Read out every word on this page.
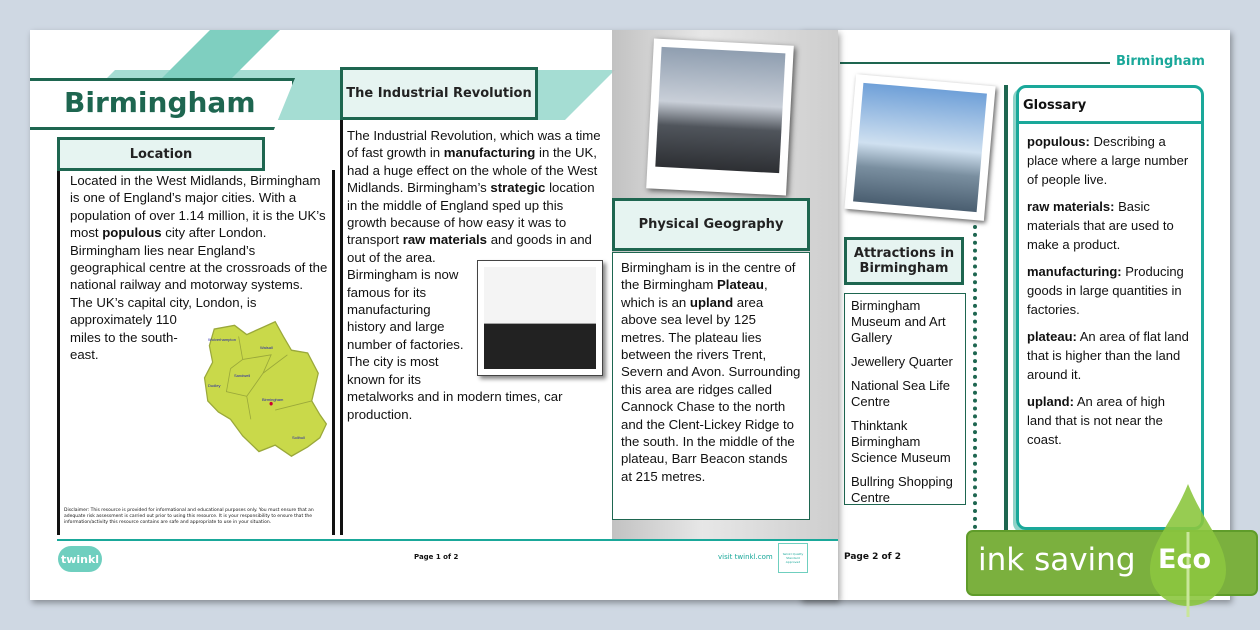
Birmingham
Attractions in Birmingham

Birmingham Museum and Art Gallery

Jewellery Quarter

National Sea Life Centre

Thinktank Birmingham Science Museum

Bullring Shopping Centre

Glossary

populous: Describing a place where a large number of people live.

raw materials: Basic materials that are used to make a product.

manufacturing: Producing goods in large quantities in factories.

plateau: An area of flat land that is higher than the land around it.

upland: An area of high land that is not near the coast.

Page 2 of 2
Birmingham
Location
Wolverhampton
Walsall
Dudley
Sandwell
Birmingham
Solihull
Located in the West Midlands, Birmingham is one of England’s major cities. With a population of over 1.14 million, it is the UK’s most populous city after London. Birmingham lies near England’s geographical centre at the crossroads of the national railway and motorway systems. The UK’s capital city, London, is approximately 110 miles to the south-east.
Disclaimer: This resource is provided for informational and educational purposes only. You must ensure that an adequate risk assessment is carried out prior to using this resource. It is your responsibility to ensure that the information/activity this resource contains are safe and appropriate to use in your situation.
The Industrial Revolution
The Industrial Revolution, which was a time of fast growth in manufacturing in the UK, had a huge effect on the whole of the West Midlands. Birmingham’s strategic location in the middle of England sped up this growth because of how easy it was to transport raw materials and goods in and out of the area. Birmingham is now famous for its manufacturing history and large number of factories. The city is most known for its metalworks and in modern times, car production.
Physical Geography
Birmingham is in the centre of the Birmingham Plateau, which is an upland area above sea level by 125 metres. The plateau lies between the rivers Trent, Severn and Avon. Surrounding this area are ridges called Cannock Chase to the north and the Clent-Lickey Ridge to the south. In the middle of the plateau, Barr Beacon stands at 215 metres.
twinkl	Page 1 of 2	visit twinkl.com	twinkl Quality Standard Approved	ink saving Eco
